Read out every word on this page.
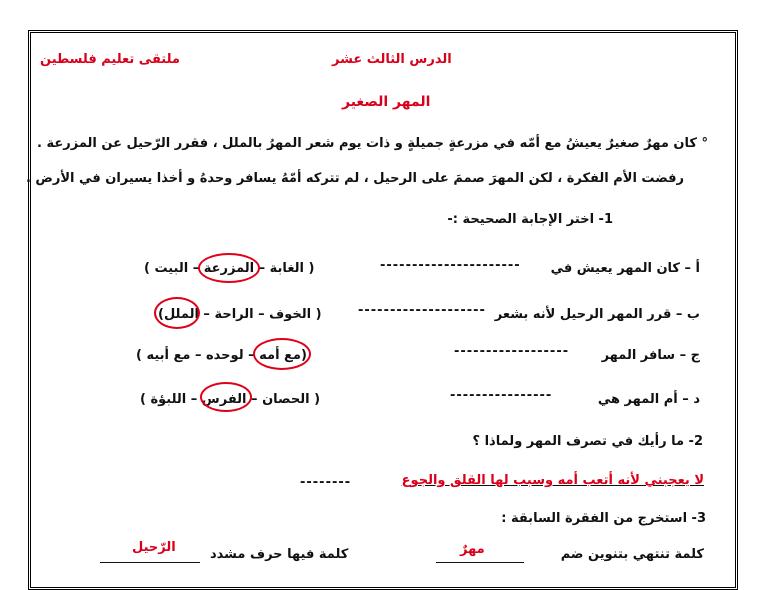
الدرس الثالث عشر
ملتقى تعليم فلسطين
المهر الصغير
° كان مهرٌ صغيرٌ يعيشُ مع أمّه في مزرعةٍ جميلةٍ و ذات يوم شعر المهرُ بالملل ، فقرر الرّحيل عن المزرعة .
رفضت الأم الفكرة ، لكن المهرَ صممَ على الرحيل ، لم تتركه أمّهُ يسافر وحدهُ و أخذا يسيران في الأرض .
1- اختر الإجابة الصحيحة :-
أ – كان المهر يعيش في
----------------------
( الغابة – المزرعة – البيت )
ب – قرر المهر الرحيل لأنه بشعر
--------------------
( الخوف – الراحة – الملل)
ج – سافر المهر
------------------
(مع أمه – لوحده – مع أبيه )
د – أم المهر هي
----------------
( الحصان – الفرس – اللبؤة )
2- ما رأيك في تصرف المهر ولماذا ؟
لا يعجبني لأنه أتعب أمه وسبب لها القلق والجوع
--------
3- استخرج من الفقرة السابقة :
كلمة تنتهي بتنوين ضم
مهرٌ
كلمة فيها حرف مشدد
الرّحيل
